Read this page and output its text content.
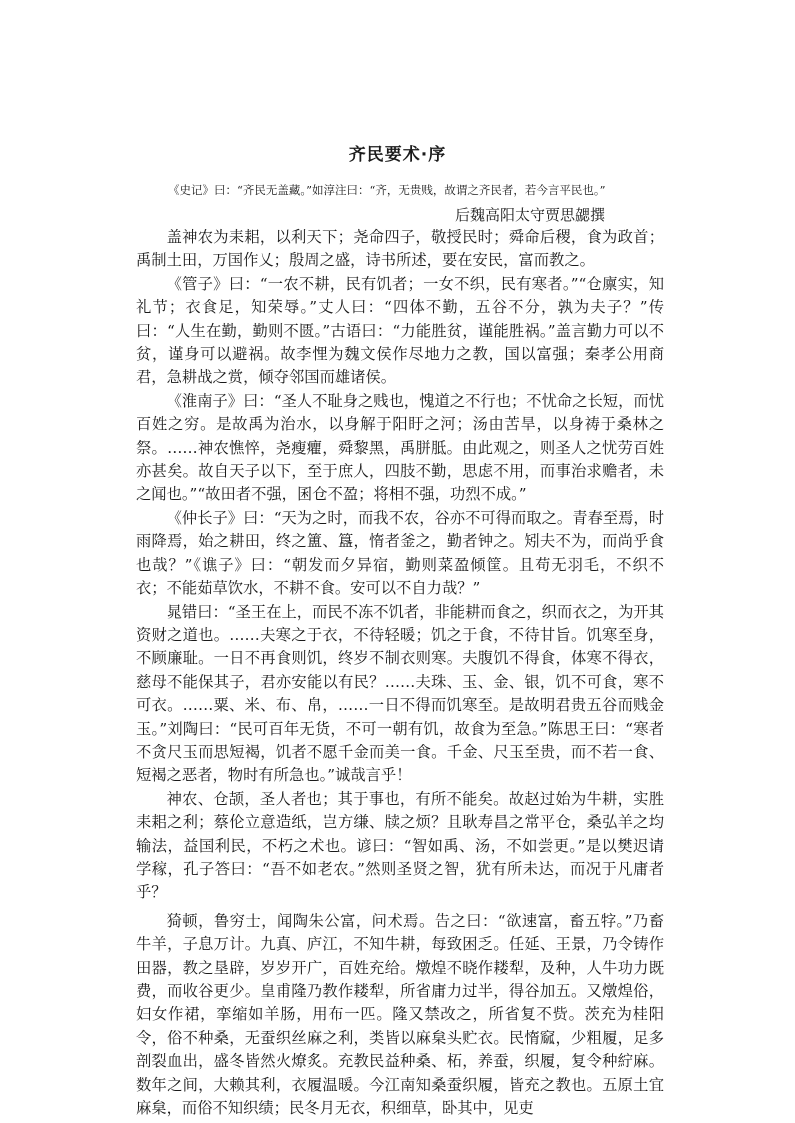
齐民要术·序
《史记》曰：“齐民无盖藏。”如淳注曰：“齐，无贵贱，故谓之齐民者，若今言平民也。”
后魏高阳太守贾思勰撰

盖神农为耒耜，以利天下；尧命四子，敬授民时；舜命后稷，食为政首；禹制土田，万国作乂；殷周之盛，诗书所述，要在安民，富而教之。

《管子》曰：“一农不耕，民有饥者；一女不织，民有寒者。”“仓廪实，知礼节；衣食足，知荣辱。”丈人曰：“四体不勤，五谷不分，孰为夫子？”传曰：“人生在勤，勤则不匮。”古语曰：“力能胜贫，谨能胜祸。”盖言勤力可以不贫，谨身可以避祸。故李悝为魏文侯作尽地力之教，国以富强；秦孝公用商君，急耕战之赏，倾夺邻国而雄诸侯。

《淮南子》曰：“圣人不耻身之贱也，愧道之不行也；不忧命之长短，而忧百姓之穷。是故禹为治水，以身解于阳盱之河；汤由苦旱，以身祷于桑林之祭。……神农憔悴，尧瘦癯，舜黎黑，禹胼胝。由此观之，则圣人之忧劳百姓亦甚矣。故自天子以下，至于庶人，四肢不勤，思虑不用，而事治求赡者，未之闻也。”“故田者不强，囷仓不盈；将相不强，功烈不成。”

《仲长子》曰：“天为之时，而我不农，谷亦不可得而取之。青春至焉，时雨降焉，始之耕田，终之簠、簋，惰者釜之，勤者钟之。矧夫不为，而尚乎食也哉？”《谯子》曰：“朝发而夕异宿，勤则菜盈倾筐。且苟无羽毛，不织不衣；不能茹草饮水，不耕不食。安可以不自力哉？”

晁错曰：“圣王在上，而民不冻不饥者，非能耕而食之，织而衣之，为开其资财之道也。……夫寒之于衣，不待轻暖；饥之于食，不待甘旨。饥寒至身，不顾廉耻。一日不再食则饥，终岁不制衣则寒。夫腹饥不得食，体寒不得衣，慈母不能保其子，君亦安能以有民？……夫珠、玉、金、银，饥不可食，寒不可衣。……粟、米、布、帛，……一日不得而饥寒至。是故明君贵五谷而贱金玉。”刘陶曰：“民可百年无货，不可一朝有饥，故食为至急。”陈思王曰：“寒者不贪尺玉而思短褐，饥者不愿千金而美一食。千金、尺玉至贵，而不若一食、短褐之恶者，物时有所急也。”诚哉言乎！

神农、仓颉，圣人者也；其于事也，有所不能矣。故赵过始为牛耕，实胜耒耜之利；蔡伦立意造纸，岂方缣、牍之烦？且耿寿昌之常平仓，桑弘羊之均输法，益国利民，不朽之术也。谚曰：“智如禹、汤，不如尝更。”是以樊迟请学稼，孔子答曰：“吾不如老农。”然则圣贤之智，犹有所未达，而况于凡庸者乎？

猗顿，鲁穷士，闻陶朱公富，问术焉。告之曰：“欲速富，畜五牸。”乃畜牛羊，子息万计。九真、庐江，不知牛耕，每致困乏。任延、王景，乃令铸作田器，教之垦辟，岁岁开广，百姓充给。燉煌不晓作耧犁，及种，人牛功力既费，而收谷更少。皇甫隆乃教作耧犁，所省庸力过半，得谷加五。又燉煌俗，妇女作裙，挛缩如羊肠，用布一匹。隆又禁改之，所省复不赀。茨充为桂阳令，俗不种桑，无蚕织丝麻之利，类皆以麻枲头贮衣。民惰窳，少粗履，足多剖裂血出，盛冬皆然火燎炙。充教民益种桑、柘，养蚕，织履，复令种紵麻。数年之间，大赖其利，衣履温暖。今江南知桑蚕织履，皆充之教也。五原土宜麻枲，而俗不知织绩；民冬月无衣，积细草，卧其中，见吏
